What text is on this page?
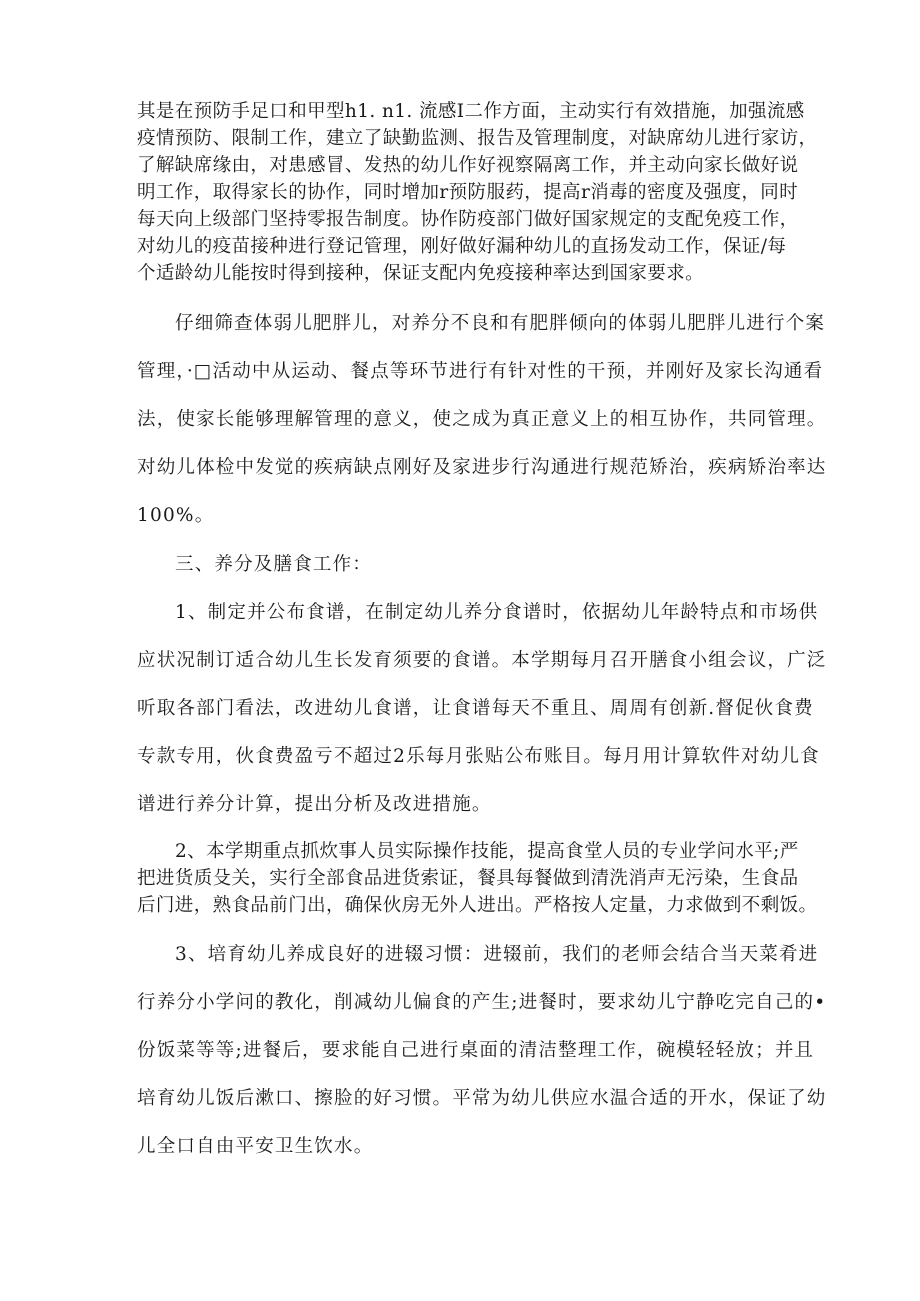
其是在预防手足口和甲型h1. n1. 流感I二作方面，主动实行有效措施，加强流感
疫情预防、限制工作，建立了缺勤监测、报告及管理制度，对缺席幼儿进行家访，
了解缺席缘由，对患感冒、发热的幼儿作好视察隔离工作，并主动向家长做好说
明工作，取得家长的协作，同时增加r预防服药，提高r消毒的密度及强度，同时
每天向上级部门坚持零报告制度。协作防疫部门做好国家规定的支配免疫工作，
对幼儿的疫苗接种进行登记管理，刚好做好漏种幼儿的直扬发动工作，保证/每
个适龄幼儿能按时得到接种，保证支配内免疫接种率达到国家要求。
仔细筛查体弱儿肥胖儿，对养分不良和有肥胖倾向的体弱儿肥胖儿进行个案
管理，·□活动中从运动、餐点等环节进行有针对性的干预，并刚好及家长沟通看
法，使家长能够理解管理的意义，使之成为真正意义上的相互协作，共同管理。
对幼儿体检中发觉的疾病缺点刚好及家进步行沟通进行规范矫治，疾病矫治率达
100%。
三、养分及膳食工作：
1、制定并公布食谱，在制定幼儿养分食谱时，依据幼儿年龄特点和市场供
应状况制订适合幼儿生长发育须要的食谱。本学期每月召开膳食小组会议，广泛
听取各部门看法，改进幼儿食谱，让食谱每天不重且、周周有创新.督促伙食费
专款专用，伙食费盈亏不超过2乐每月张贴公布账目。每月用计算软件对幼儿食
谱进行养分计算，提出分析及改进措施。
2、本学期重点抓炊事人员实际操作技能，提高食堂人员的专业学问水平;严
把进货质殳关，实行全部食品进货索证，餐具每餐做到清洗消声无污染，生食品
后门进，熟食品前门出，确保伙房无外人进出。严格按人定量，力求做到不剩饭。
3、培育幼儿养成良好的进辍习惯：进辍前，我们的老师会结合当天菜肴进
行养分小学问的教化，削减幼儿偏食的产生;进餐时，要求幼儿宁静吃完自己的•
份饭菜等等;进餐后，要求能自己进行桌面的清洁整理工作，碗模轻轻放；并且
培育幼儿饭后漱口、擦脸的好习惯。平常为幼儿供应水温合适的开水，保证了幼
儿全口自由平安卫生饮水。
